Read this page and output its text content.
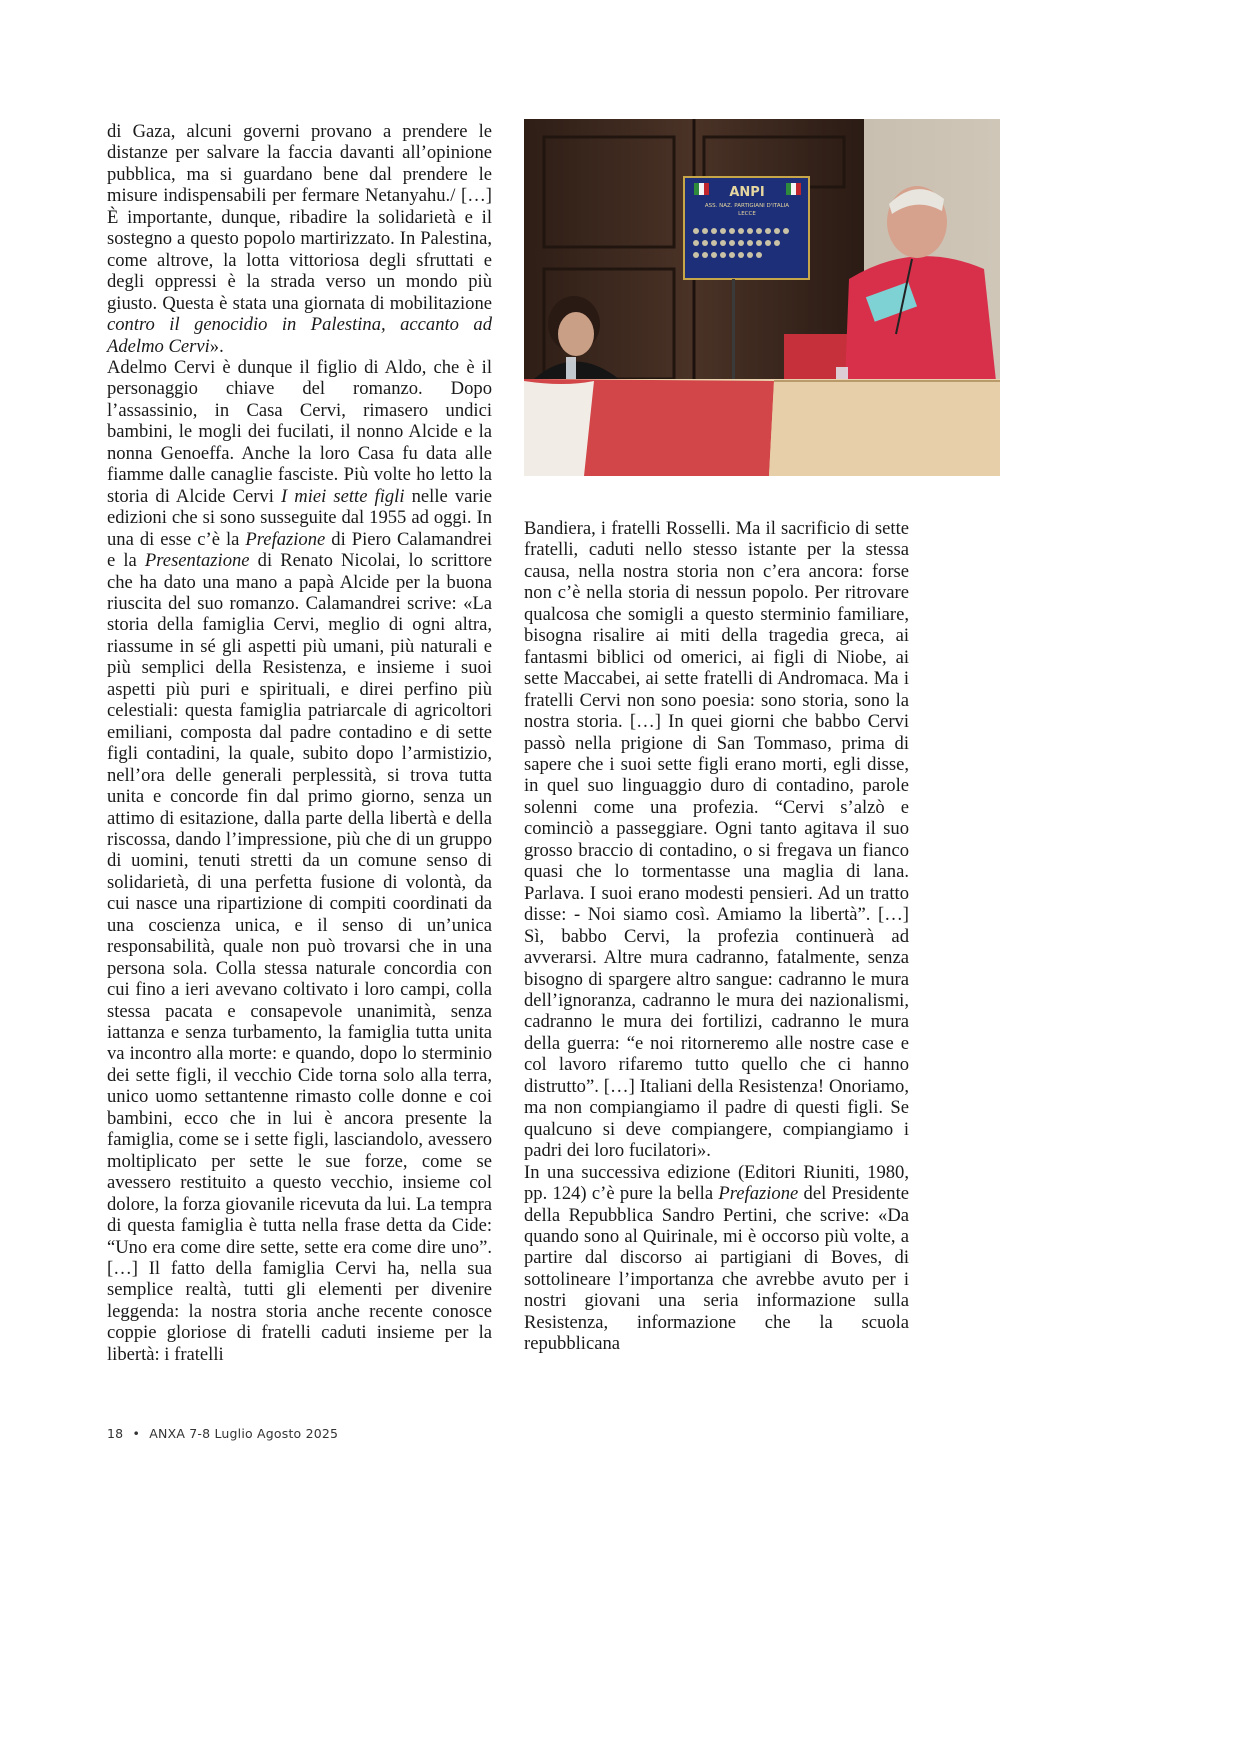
di Gaza, alcuni governi provano a prendere le distanze per salvare la faccia davanti all’opinione pubblica, ma si guardano bene dal prendere le misure indispensabili per fermare Netanyahu./ […] È importante, dunque, ribadire la solidarietà e il sostegno a questo popolo martirizzato. In Palestina, come altrove, la lotta vittoriosa degli sfruttati e degli oppressi è la strada verso un mondo più giusto. Questa è stata una giornata di mobilitazione contro il genocidio in Palestina, accanto ad Adelmo Cervi».

Adelmo Cervi è dunque il figlio di Aldo, che è il personaggio chiave del romanzo. Dopo l’assassinio, in Casa Cervi, rimasero undici bambini, le mogli dei fucilati, il nonno Alcide e la nonna Genoeffa. Anche la loro Casa fu data alle fiamme dalle canaglie fasciste. Più volte ho letto la storia di Alcide Cervi I miei sette figli nelle varie edizioni che si sono susseguite dal 1955 ad oggi. In una di esse c’è la Prefazione di Piero Calamandrei e la Presentazione di Renato Nicolai, lo scrittore che ha dato una mano a papà Alcide per la buona riuscita del suo romanzo. Calamandrei scrive: «La storia della famiglia Cervi, meglio di ogni altra, riassume in sé gli aspetti più umani, più naturali e più semplici della Resistenza, e insieme i suoi aspetti più puri e spirituali, e direi perfino più celestiali: questa famiglia patriarcale di agricoltori emiliani, composta dal padre contadino e di sette figli contadini, la quale, subito dopo l’armistizio, nell’ora delle generali perplessità, si trova tutta unita e concorde fin dal primo giorno, senza un attimo di esitazione, dalla parte della libertà e della riscossa, dando l’impressione, più che di un gruppo di uomini, tenuti stretti da un comune senso di solidarietà, di una perfetta fusione di volontà, da cui nasce una ripartizione di compiti coordinati da una coscienza unica, e il senso di un’unica responsabilità, quale non può trovarsi che in una persona sola. Colla stessa naturale concordia con cui fino a ieri avevano coltivato i loro campi, colla stessa pacata e consapevole unanimità, senza iattanza e senza turbamento, la famiglia tutta unita va incontro alla morte: e quando, dopo lo sterminio dei sette figli, il vecchio Cide torna solo alla terra, unico uomo settantenne rimasto colle donne e coi bambini, ecco che in lui è ancora presente la famiglia, come se i sette figli, lasciandolo, avessero moltiplicato per sette le sue forze, come se avessero restituito a questo vecchio, insieme col dolore, la forza giovanile ricevuta da lui. La tempra di questa famiglia è tutta nella frase detta da Cide: “Uno era come dire sette, sette era come dire uno”. […] Il fatto della famiglia Cervi ha, nella sua semplice realtà, tutti gli elementi per divenire leggenda: la nostra storia anche recente conosce coppie gloriose di fratelli caduti insieme per la libertà: i fratelli

ANPI
ASS. NAZ. PARTIGIANI D'ITALIA
LECCE

Bandiera, i fratelli Rosselli. Ma il sacrificio di sette fratelli, caduti nello stesso istante per la stessa causa, nella nostra storia non c’era ancora: forse non c’è nella storia di nessun popolo. Per ritrovare qualcosa che somigli a questo sterminio familiare, bisogna risalire ai miti della tragedia greca, ai fantasmi biblici od omerici, ai figli di Niobe, ai sette Maccabei, ai sette fratelli di Andromaca. Ma i fratelli Cervi non sono poesia: sono storia, sono la nostra storia. […] In quei giorni che babbo Cervi passò nella prigione di San Tommaso, prima di sapere che i suoi sette figli erano morti, egli disse, in quel suo linguaggio duro di contadino, parole solenni come una profezia. “Cervi s’alzò e cominciò a passeggiare. Ogni tanto agitava il suo grosso braccio di contadino, o si fregava un fianco quasi che lo tormentasse una maglia di lana. Parlava. I suoi erano modesti pensieri. Ad un tratto disse: - Noi siamo così. Amiamo la libertà”. […] Sì, babbo Cervi, la profezia continuerà ad avverarsi. Altre mura cadranno, fatalmente, senza bisogno di spargere altro sangue: cadranno le mura dell’ignoranza, cadranno le mura dei nazionalismi, cadranno le mura dei fortilizi, cadranno le mura della guerra: “e noi ritorneremo alle nostre case e col lavoro rifaremo tutto quello che ci hanno distrutto”. […] Italiani della Resistenza! Onoriamo, ma non compiangiamo il padre di questi figli. Se qualcuno si deve compiangere, compiangiamo i padri dei loro fucilatori».

In una successiva edizione (Editori Riuniti, 1980, pp. 124) c’è pure la bella Prefazione del Presidente della Repubblica Sandro Pertini, che scrive: «Da quando sono al Quirinale, mi è occorso più volte, a partire dal discorso ai partigiani di Boves, di sottolineare l’importanza che avrebbe avuto per i nostri giovani una seria informazione sulla Resistenza, informazione che la scuola repubblicana

18 • ANXA 7-8 Luglio Agosto 2025
